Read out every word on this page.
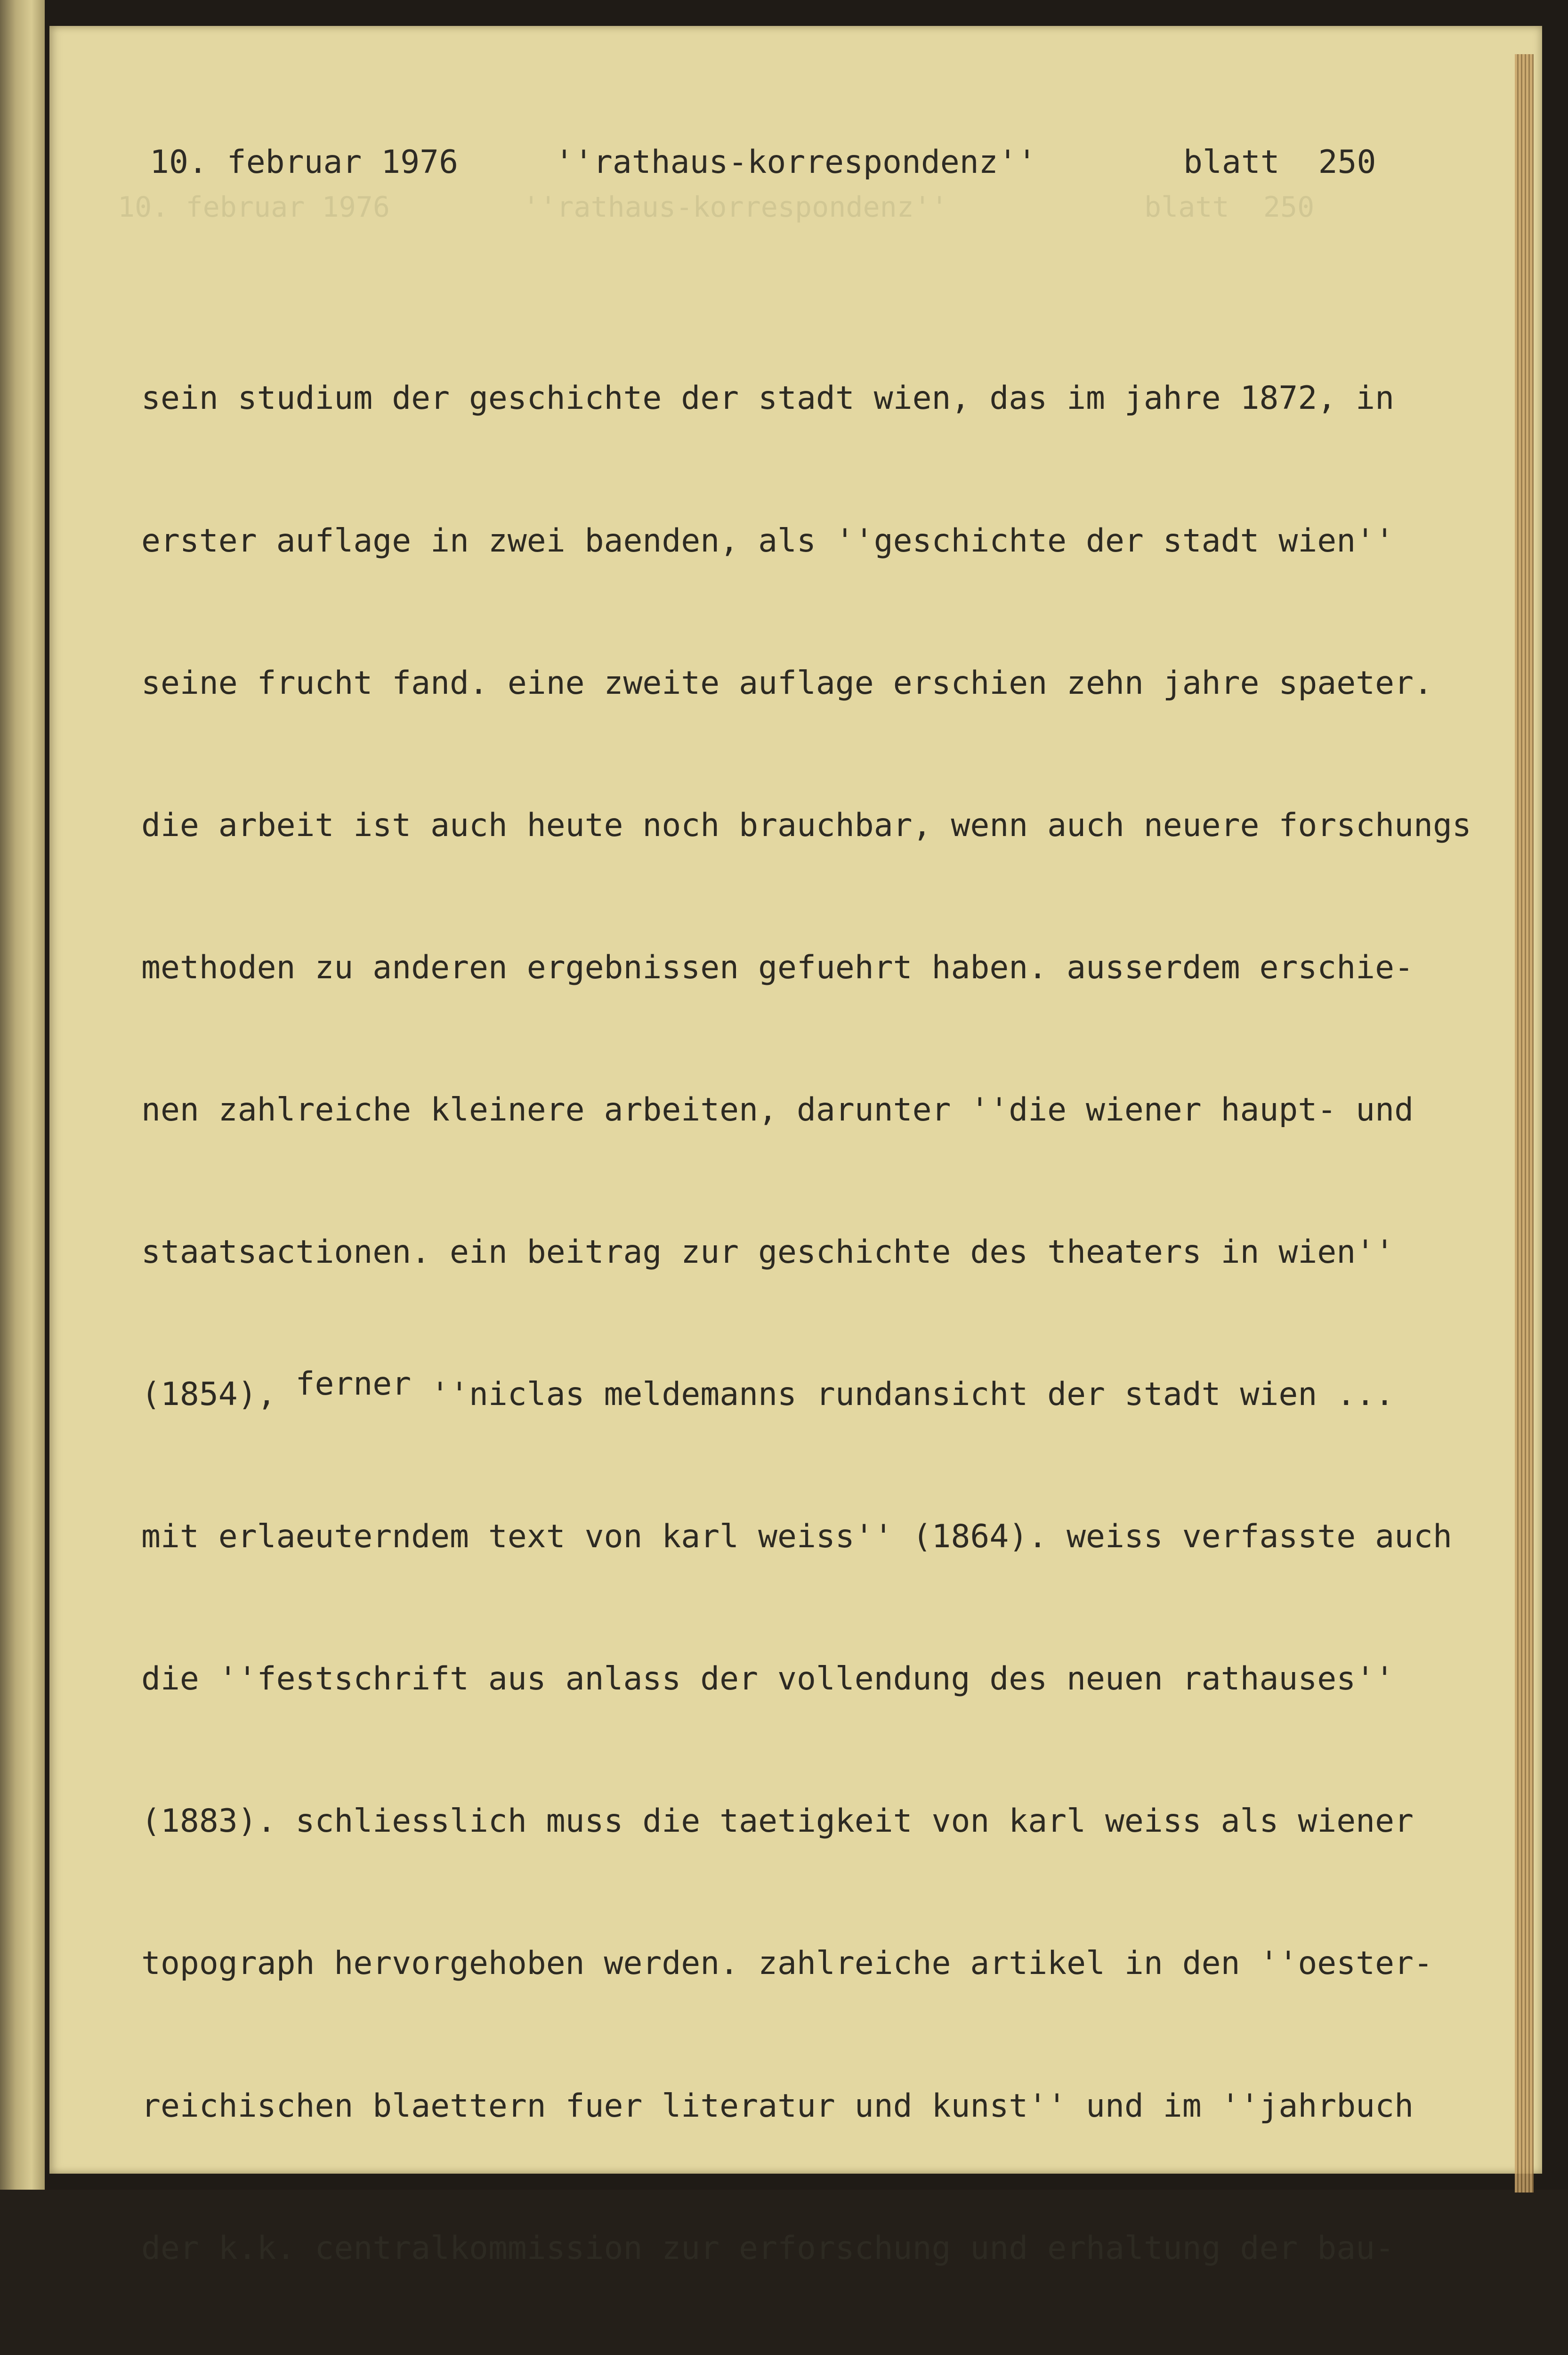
10. februar 1976

	''rathaus-korrespondenz''

	blatt  250

10. februar 1976

	''rathaus-korrespondenz''

	blatt  250

sein studium der geschichte der stadt wien, das im jahre 1872, in

erster auflage in zwei baenden, als ''geschichte der stadt wien''

seine frucht fand. eine zweite auflage erschien zehn jahre spaeter.

die arbeit ist auch heute noch brauchbar, wenn auch neuere forschungs

methoden zu anderen ergebnissen gefuehrt haben. ausserdem erschie-

nen zahlreiche kleinere arbeiten, darunter ''die wiener haupt- und

staatsactionen. ein beitrag zur geschichte des theaters in wien''

(1854), ferner ''niclas meldemanns rundansicht der stadt wien ...

mit erlaeuterndem text von karl weiss'' (1864). weiss verfasste auch

die ''festschrift aus anlass der vollendung des neuen rathauses''

(1883). schliesslich muss die taetigkeit von karl weiss als wiener

topograph hervorgehoben werden. zahlreiche artikel in den ''oester-

reichischen blaettern fuer literatur und kunst'' und im ''jahrbuch

der k.k. centralkommission zur erforschung und erhaltung der bau-
